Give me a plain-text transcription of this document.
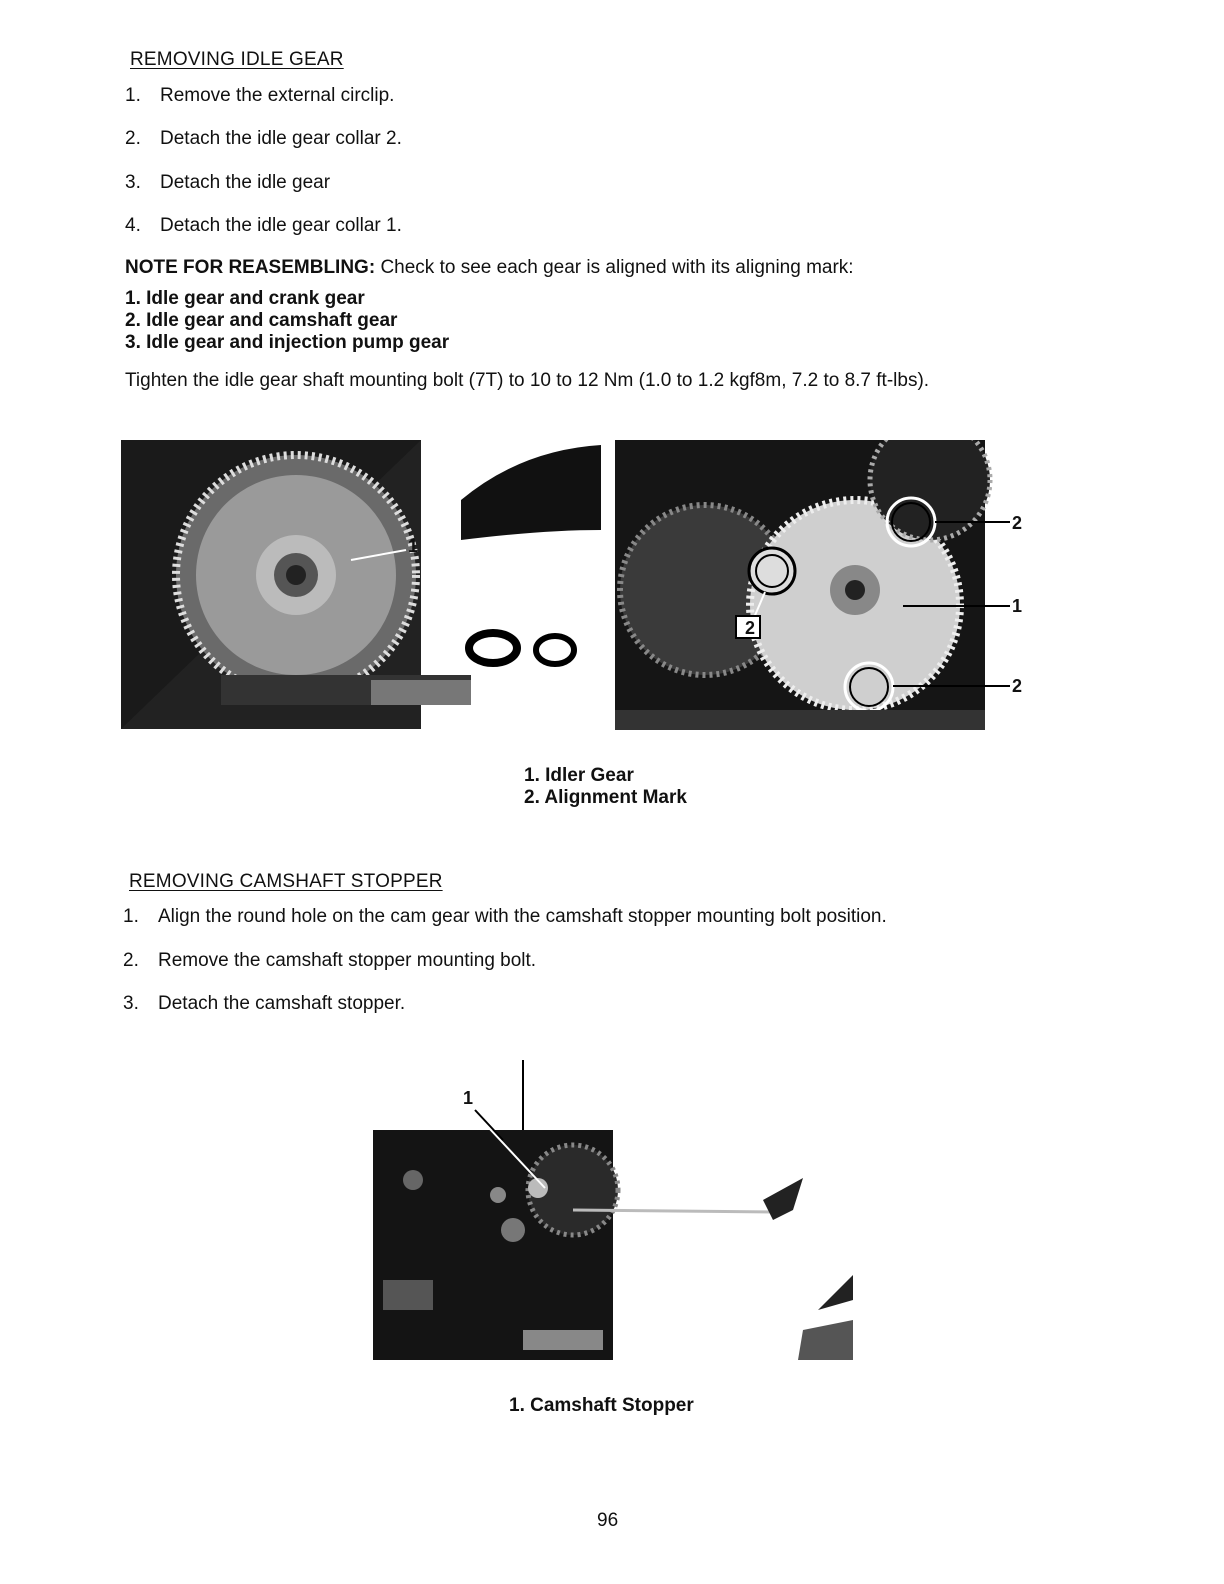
REMOVING IDLE GEAR
1. Remove the external circlip.
2. Detach the idle gear collar 2.
3. Detach the idle gear
4. Detach the idle gear collar 1.
NOTE FOR REASEMBLING: Check to see each gear is aligned with its aligning mark:
1. Idle gear and crank gear
2. Idle gear and camshaft gear
3. Idle gear and injection pump gear
Tighten the idle gear shaft mounting bolt (7T) to 10 to 12 Nm (1.0 to 1.2 kgf8m, 7.2 to 8.7 ft-lbs).
1
2
2
1
2
1. Idler Gear
2. Alignment Mark
REMOVING CAMSHAFT STOPPER
1. Align the round hole on the cam gear with the camshaft stopper mounting bolt position.
2. Remove the camshaft stopper mounting bolt.
3. Detach the camshaft stopper.
1
1. Camshaft Stopper
96
